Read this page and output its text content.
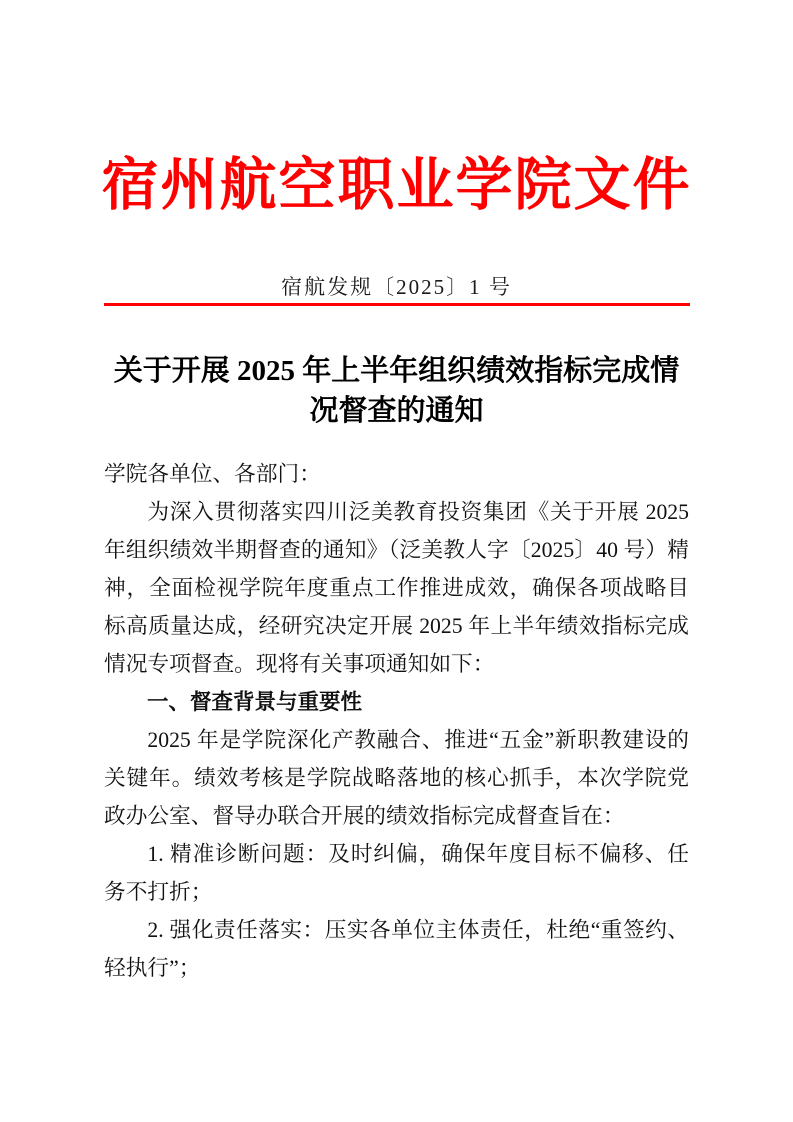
宿州航空职业学院文件
宿航发规〔2025〕1 号
关于开展 2025 年上半年组织绩效指标完成情
况督查的通知

学院各单位、各部门：

为深入贯彻落实四川泛美教育投资集团《关于开展 2025 年组织绩效半期督查的通知》（泛美教人字〔2025〕40 号）精神，全面检视学院年度重点工作推进成效，确保各项战略目标高质量达成，经研究决定开展 2025 年上半年绩效指标完成情况专项督查。现将有关事项通知如下：

一、督查背景与重要性

2025 年是学院深化产教融合、推进“五金”新职教建设的关键年。绩效考核是学院战略落地的核心抓手，本次学院党政办公室、督导办联合开展的绩效指标完成督查旨在：

1. 精准诊断问题：及时纠偏，确保年度目标不偏移、任务不打折；

2. 强化责任落实：压实各单位主体责任，杜绝“重签约、轻执行”；
